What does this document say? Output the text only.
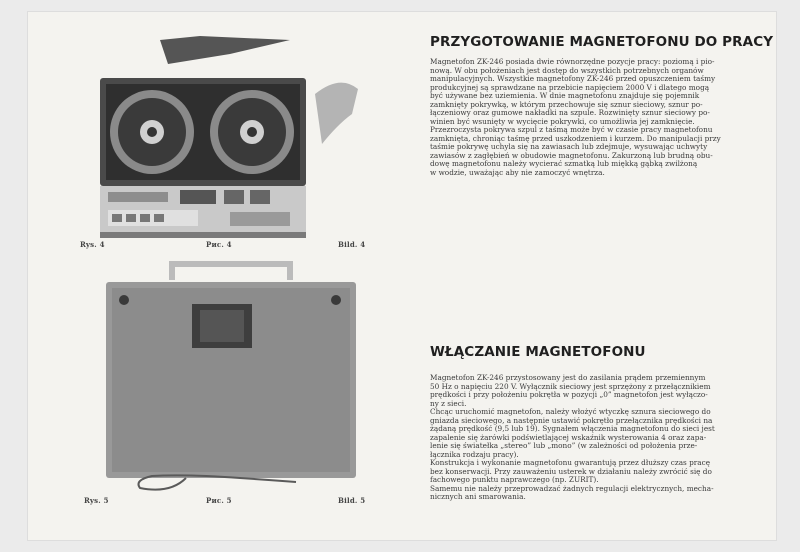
Rys. 4	Рис. 4	Bild. 4
Rys. 5	Рис. 5	Bild. 5
PRZYGOTOWANIE MAGNETOFONU DO PRACY
Magnetofon ZK-246 posiada dwie równorzędne pozycje pracy: poziomą i pio-
nową. W obu położeniach jest dostęp do wszystkich potrzebnych organów
manipulacyjnych. Wszystkie magnetofony ZK-246 przed opuszczeniem taśmy
produkcyjnej są sprawdzane na przebicie napięciem 2000 V i dlatego mogą
być używane bez uziemienia. W dnie magnetofonu znajduje się pojemnik
zamknięty pokrywką, w którym przechowuje się sznur sieciowy, sznur po-
łączeniowy oraz gumowe nakładki na szpule. Rozwinięty sznur sieciowy po-
winien być wsunięty w wycięcie pokrywki, co umożliwia jej zamknięcie.
Przezroczysta pokrywa szpul z taśmą może być w czasie pracy magnetofonu
zamknięta, chroniąc taśmę przed uszkodzeniem i kurzem. Do manipulacji przy
taśmie pokrywę uchyla się na zawiasach lub zdejmuje, wysuwając uchwyty
zawiasów z zagłębień w obudowie magnetofonu. Zakurzoną lub brudną obu-
dowę magnetofonu należy wycierać szmatką lub miękką gąbką zwilżoną
w wodzie, uważając aby nie zamoczyć wnętrza.
WŁĄCZANIE MAGNETOFONU
Magnetofon ZK-246 przystosowany jest do zasilania prądem przemiennym
50 Hz o napięciu 220 V. Wyłącznik sieciowy jest sprzężony z przełącznikiem
prędkości i przy położeniu pokrętła w pozycji „0” magnetofon jest wyłączo-
ny z sieci.
Chcąc uruchomić magnetofon, należy włożyć wtyczkę sznura sieciowego do
gniazda sieciowego, a następnie ustawić pokrętło przełącznika prędkości na
żądaną prędkość (9,5 lub 19). Sygnałem włączenia magnetofonu do sieci jest
zapalenie się żarówki podświetlającej wskaźnik wysterowania 4 oraz zapa-
lenie się światełka „stereo” lub „mono” (w zależności od położenia prze-
łącznika rodzaju pracy).
Konstrukcja i wykonanie magnetofonu gwarantują przez dłuższy czas pracę
bez konserwacji. Przy zauważeniu usterek w działaniu należy zwrócić się do
fachowego punktu naprawczego (np. ZURIT).
Samemu nie należy przeprowadzać żadnych regulacji elektrycznych, mecha-
nicznych ani smarowania.
